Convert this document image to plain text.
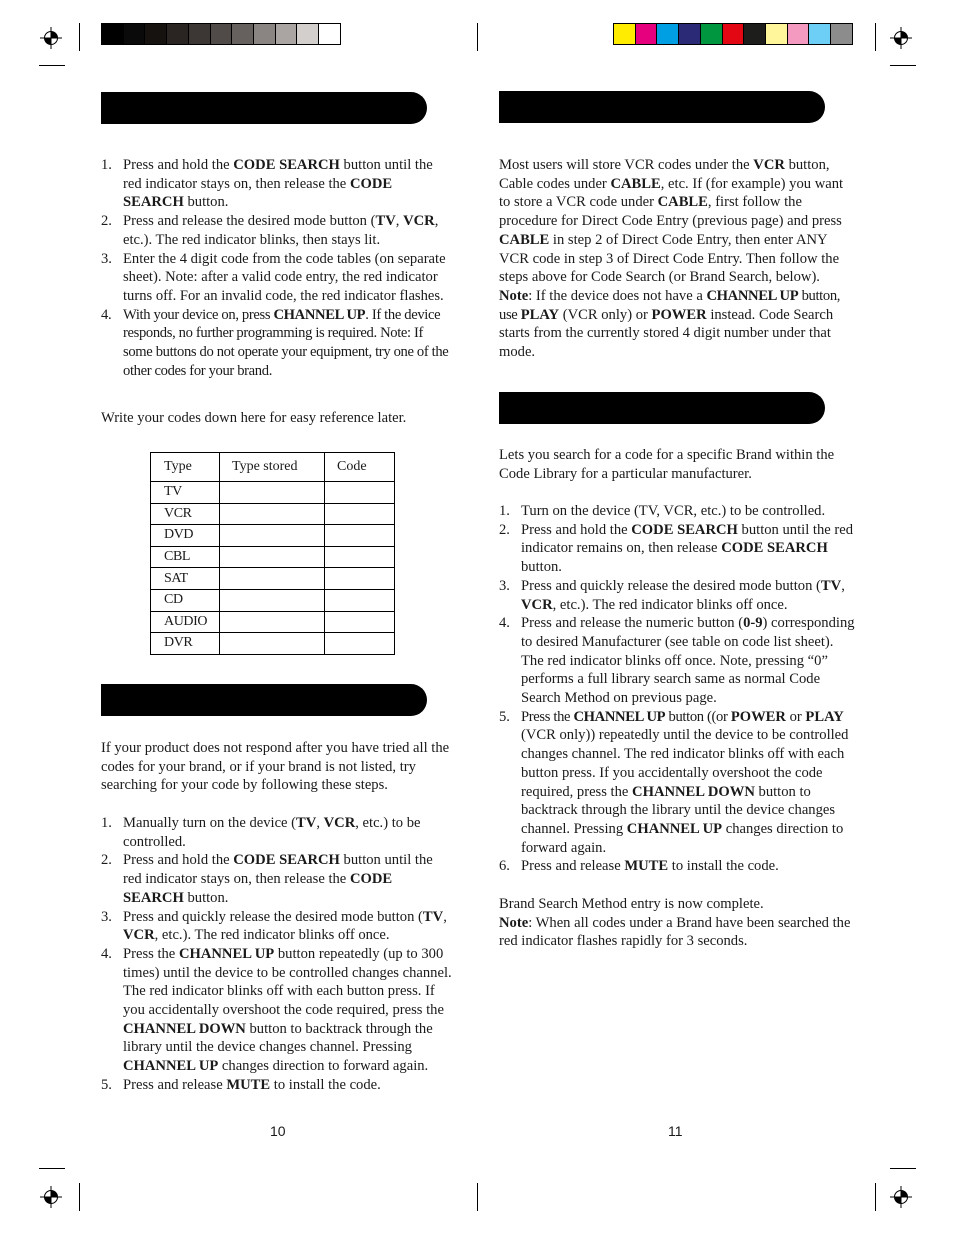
1. Press and hold the CODE SEARCH button until the red indicator stays on, then release the CODE SEARCH button.
2. Press and release the desired mode button (TV, VCR, etc.). The red indicator blinks, then stays lit.
3. Enter the 4 digit code from the code tables (on separate sheet). Note: after a valid code entry, the red indicator turns off. For an invalid code, the red indicator flashes.
4. With your device on, press CHANNEL UP. If the device responds, no further programming is required. Note: If some buttons do not operate your equipment, try one of the other codes for your brand.

Write your codes down here for easy reference later.

Type	Type stored	Code
TV		
VCR		
DVD		
CBL		
SAT		
CD		
AUDIO		
DVR		

If your product does not respond after you have tried all the codes for your brand, or if your brand is not listed, try searching for your code by following these steps.

1. Manually turn on the device (TV, VCR, etc.) to be controlled.
2. Press and hold the CODE SEARCH button until the red indicator stays on, then release the CODE SEARCH button.
3. Press and quickly release the desired mode button (TV, VCR, etc.). The red indicator blinks off once.
4. Press the CHANNEL UP button repeatedly (up to 300 times) until the device to be controlled changes channel. The red indicator blinks off with each button press. If you accidentally overshoot the code required, press the CHANNEL DOWN button to backtrack through the library until the device changes channel. Pressing CHANNEL UP changes direction to forward again.
5. Press and release MUTE to install the code.
10

Most users will store VCR codes under the VCR button, Cable codes under CABLE, etc. If (for example) you want to store a VCR code under CABLE, first follow the procedure for Direct Code Entry (previous page) and press CABLE in step 2 of Direct Code Entry, then enter ANY VCR code in step 3 of Direct Code Entry. Then follow the steps above for Code Search (or Brand Search, below). Note: If the device does not have a CHANNEL UP button, use PLAY (VCR only) or POWER instead. Code Search starts from the currently stored 4 digit number under that mode.

Lets you search for a code for a specific Brand within the Code Library for a particular manufacturer.

1. Turn on the device (TV, VCR, etc.) to be controlled.
2. Press and hold the CODE SEARCH button until the red indicator remains on, then release CODE SEARCH button.
3. Press and quickly release the desired mode button (TV, VCR, etc.). The red indicator blinks off once.
4. Press and release the numeric button (0-9) corresponding to desired Manufacturer (see table on code list sheet). The red indicator blinks off once. Note, pressing “0” performs a full library search same as normal Code Search Method on previous page.
5. Press the CHANNEL UP button ((or POWER or PLAY (VCR only)) repeatedly until the device to be controlled changes channel. The red indicator blinks off with each button press. If you accidentally overshoot the code required, press the CHANNEL DOWN button to backtrack through the library until the device changes channel. Pressing CHANNEL UP changes direction to forward again.
6. Press and release MUTE to install the code.

Brand Search Method entry is now complete.

Note: When all codes under a Brand have been searched the red indicator flashes rapidly for 3 seconds.

11
